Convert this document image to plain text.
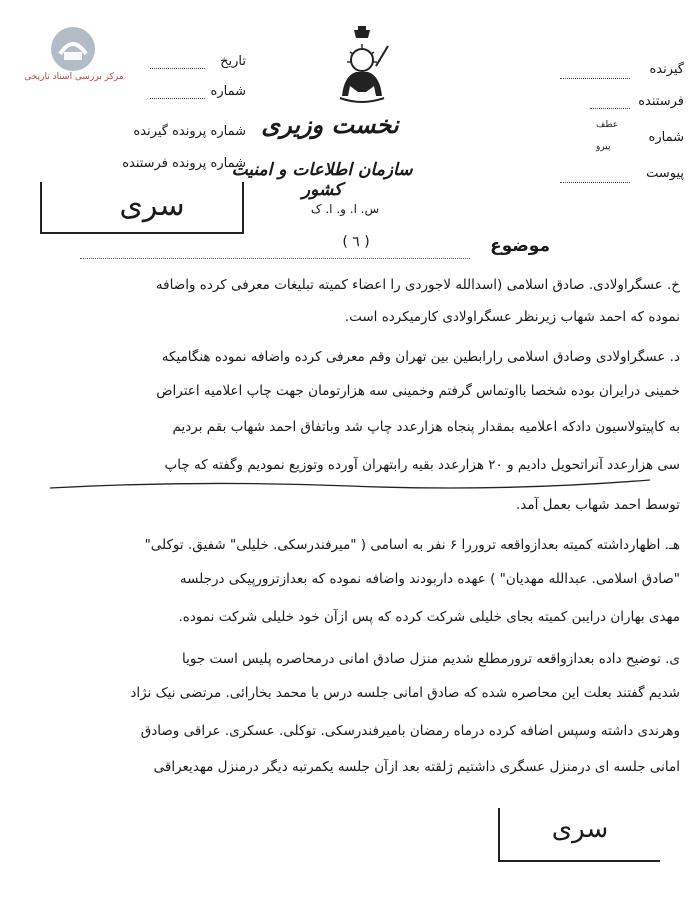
مرکز بررسی اسناد تاریخی
تاریخ
شماره
شماره پرونده گیرنده
شماره پرونده فرستنده
سری
نخست وزیری
سازمان اطلاعات و امنیت کشور
س. ا. و. ا. ک
گیرنده
فرستنده
شماره
عطف
پیرو
پیوست
( ٦ )	موضوع
خ. عسگراولادی. صادق اسلامی (اسدالله لاجوردی را اعضاء کمیته تبلیغات معرفی کرده واضافه
نموده که احمد شهاب زیرنظر عسگراولادی کارمیکرده است.
د. عسگراولادی وصادق اسلامی رارابطین بین تهران وقم معرفی کرده واضافه نموده هنگامیکه
خمینی درایران بوده شخصا بااوتماس گرفتم وخمینی سه هزارتومان جهت چاپ اعلامیه اعتراض
به کاپیتولاسیون دادکه اعلامیه بمقدار پنجاه هزارعدد چاپ شد وباتفاق احمد شهاب بقم بردیم
سی هزارعدد آنراتحویل دادیم و ۲۰ هزارعدد بقیه رابتهران آورده وتوزیع نمودیم وگفته که چاپ
توسط احمد شهاب بعمل آمد.
هـ. اظهارداشته کمیته بعدازواقعه تروررا ۶ نفر به اسامی ( "میرفندرسکی. خلیلی" شفیق. توکلی"
"صادق اسلامی. عبدالله مهدیان" ) عهده داربودند واضافه نموده که بعدازترورپیکی درجلسه
مهدی بهاران درایبن کمیته بجای خلیلی شرکت کرده که پس ازآن خود خلیلی شرکت نموده.
ی. توضیح داده بعدازواقعه ترورمطلع شدیم منزل صادق امانی درمحاصره پلیس است جویا
شدیم گفتند بعلت این محاصره شده که صادق امانی جلسه درس با محمد بخارائی. مرتضی نیک نژاد
وهرندی داشته وسپس اضافه کرده درماه رمضان بامیرفندرسکی. توکلی. عسکری. عراقی وصادق
امانی جلسه ای درمنزل عسگری داشتیم ژلقته بعد ازآن جلسه یکمرتبه دیگر درمنزل مهدیعراقی
سری
